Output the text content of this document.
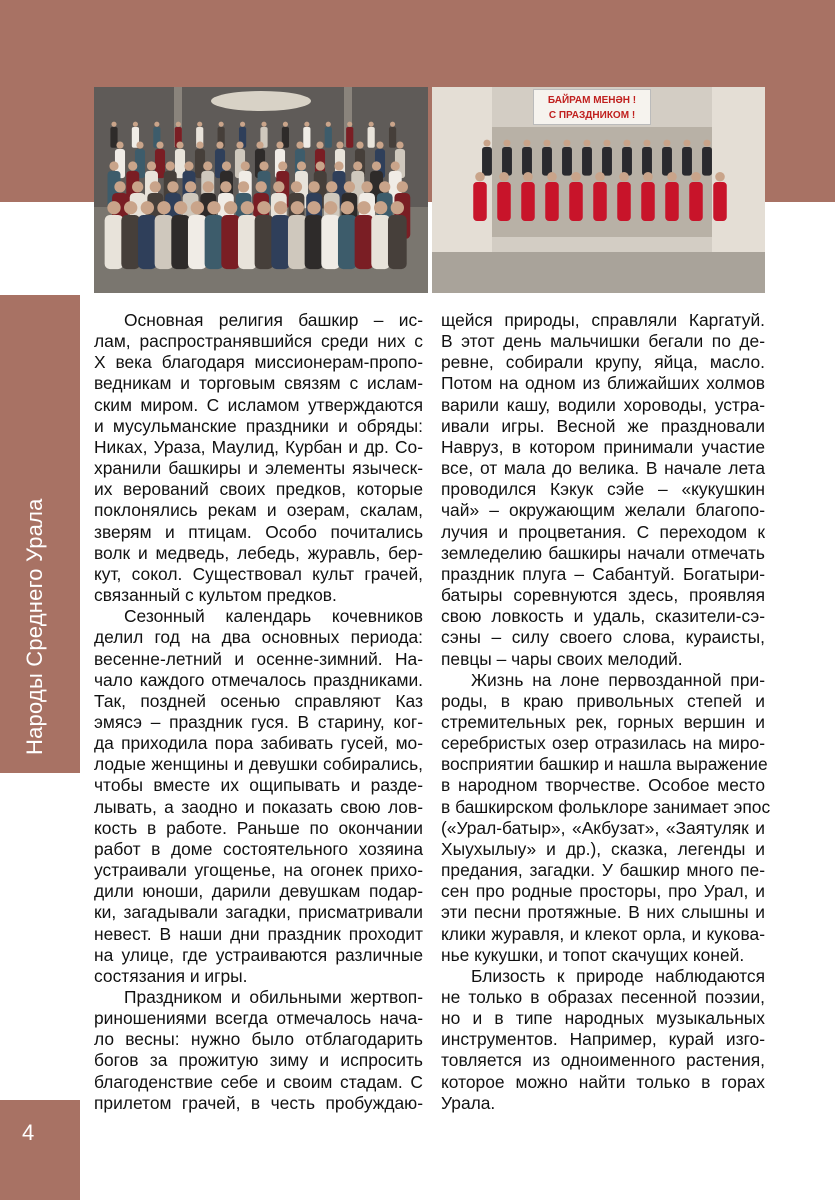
Народы Среднего Урала
4
БАЙРАМ МЕНӘН !
С ПРАЗДНИКОМ !

Основная религия башкир – ис-
лам, распространявшийся среди них с
X века благодаря миссионерам-пропо-
ведникам и торговым связям с ислам-
ским миром. С исламом утверждаются
и мусульманские праздники и обряды:
Никах, Ураза, Маулид, Курбан и др. Со-
хранили башкиры и элементы языческ-
их верований своих предков, которые
поклонялись рекам и озерам, скалам,
зверям и птицам. Особо почитались
волк и медведь, лебедь, журавль, бер-
кут, сокол. Существовал культ грачей,
связанный с культом предков.

Сезонный календарь кочевников
делил год на два основных периода:
весенне-летний и осенне-зимний. На-
чало каждого отмечалось праздниками.
Так, поздней осенью справляют Каз
эмясэ – праздник гуся. В старину, ког-
да приходила пора забивать гусей, мо-
лодые женщины и девушки собирались,
чтобы вместе их ощипывать и разде-
лывать, а заодно и показать свою лов-
кость в работе. Раньше по окончании
работ в доме состоятельного хозяина
устраивали угощенье, на огонек прихо-
дили юноши, дарили девушкам подар-
ки, загадывали загадки, присматривали
невест. В наши дни праздник проходит
на улице, где устраиваются различные
состязания и игры.

Праздником и обильными жертвоп-
риношениями всегда отмечалось нача-
ло весны: нужно было отблагодарить
богов за прожитую зиму и испросить
благоденствие себе и своим стадам. С
прилетом грачей, в честь пробуждаю-

щейся природы, справляли Каргатуй.
В этот день мальчишки бегали по де-
ревне, собирали крупу, яйца, масло.
Потом на одном из ближайших холмов
варили кашу, водили хороводы, устра-
ивали игры. Весной же праздновали
Навруз, в котором принимали участие
все, от мала до велика. В начале лета
проводился Кэкук сэйе – «кукушкин
чай» – окружающим желали благопо-
лучия и процветания. С переходом к
земледелию башкиры начали отмечать
праздник плуга – Сабантуй. Богатыри-
батыры соревнуются здесь, проявляя
свою ловкость и удаль, сказители-сэ-
сэны – силу своего слова, кураисты,
певцы – чары своих мелодий.

Жизнь на лоне первозданной при-
роды, в краю привольных степей и
стремительных рек, горных вершин и
серебристых озер отразилась на миро-
восприятии башкир и нашла выражение
в народном творчестве. Особое место
в башкирском фольклоре занимает эпос
(«Урал-батыр», «Акбузат», «Заятуляк и
Хыухылыу» и др.), сказка, легенды и
предания, загадки. У башкир много пе-
сен про родные просторы, про Урал, и
эти песни протяжные. В них слышны и
клики журавля, и клекот орла, и кукова-
нье кукушки, и топот скачущих коней.

Близость к природе наблюдаются
не только в образах песенной поэзии,
но и в типе народных музыкальных
инструментов. Например, курай изго-
товляется из одноименного растения,
которое можно найти только в горах
Урала.
